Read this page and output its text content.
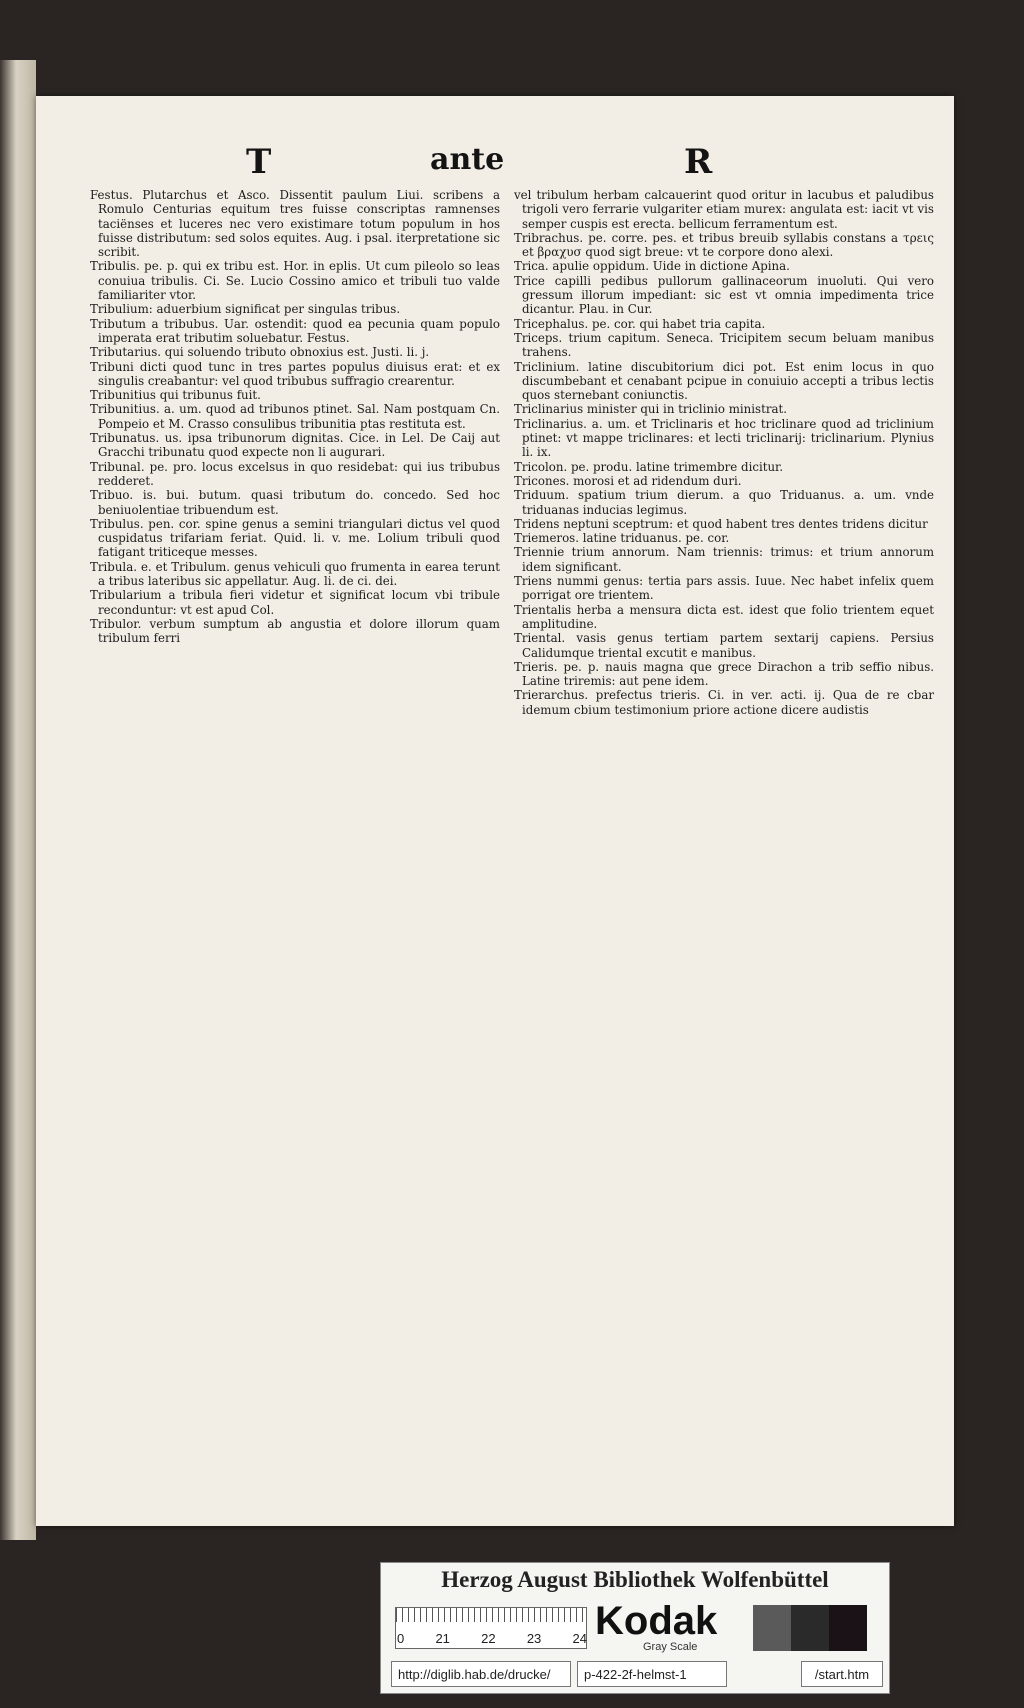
T	ante	R

Festus. Plutarchus et Asco. Dissentit paulum Liui. scribens a Romulo Centurias equitum tres fuisse conscriptas ramnenses taciënses et luceres nec vero existimare totum populum in hos fuisse distributum: sed solos equites. Aug. i psal. iterpretatione sic scribit.

Tribulis. pe. p. qui ex tribu est. Hor. in eplis. Ut cum pileolo so leas conuiua tribulis. Ci. Se. Lucio Cossino amico et tribuli tuo valde familiariter vtor.

Tribulium: aduerbium significat per singulas tribus.

Tributum a tribubus. Uar. ostendit: quod ea pecunia quam populo imperata erat tributim soluebatur. Festus.

Tributarius. qui soluendo tributo obnoxius est. Justi. li. j.

Tribuni dicti quod tunc in tres partes populus diuisus erat: et ex singulis creabantur: vel quod tribubus suffragio crearentur.

Tribunitius qui tribunus fuit.

Tribunitius. a. um. quod ad tribunos ptinet. Sal. Nam postquam Cn. Pompeio et M. Crasso consulibus tribunitia ptas restituta est.

Tribunatus. us. ipsa tribunorum dignitas. Cice. in Lel. De Caij aut Gracchi tribunatu quod expecte non li augurari.

Tribunal. pe. pro. locus excelsus in quo residebat: qui ius tribubus redderet.

Tribuo. is. bui. butum. quasi tributum do. concedo. Sed hoc beniuolentiae tribuendum est.

Tribulus. pen. cor. spine genus a semini triangulari dictus vel quod cuspidatus trifariam feriat. Quid. li. v. me. Lolium tribuli quod fatigant triticeque messes.

Tribula. e. et Tribulum. genus vehiculi quo frumenta in earea terunt a tribus lateribus sic appellatur. Aug. li. de ci. dei.

Tribularium a tribula fieri videtur et significat locum vbi tribule reconduntur: vt est apud Col.

Tribulor. verbum sumptum ab angustia et dolore illorum quam tribulum ferri

vel tribulum herbam calcauerint quod oritur in lacubus et paludibus trigoli vero ferrarie vulgariter etiam murex: angulata est: iacit vt vis semper cuspis est erecta. bellicum ferramentum est.

Tribrachus. pe. corre. pes. et tribus breuib syllabis constans a τρεις et βραχυσ quod sigt breue: vt te corpore dono alexi.

Trica. apulie oppidum. Uide in dictione Apina.

Trice capilli pedibus pullorum gallinaceorum inuoluti. Qui vero gressum illorum impediant: sic est vt omnia impedimenta trice dicantur. Plau. in Cur.

Tricephalus. pe. cor. qui habet tria capita.

Triceps. trium capitum. Seneca. Tricipitem secum beluam manibus trahens.

Triclinium. latine discubitorium dici pot. Est enim locus in quo discumbebant et cenabant pcipue in conuiuio accepti a tribus lectis quos sternebant coniunctis.

Triclinarius minister qui in triclinio ministrat.

Triclinarius. a. um. et Triclinaris et hoc triclinare quod ad triclinium ptinet: vt mappe triclinares: et lecti triclinarij: triclinarium. Plynius li. ix.

Tricolon. pe. produ. latine trimembre dicitur.

Tricones. morosi et ad ridendum duri.

Triduum. spatium trium dierum. a quo Triduanus. a. um. vnde triduanas inducias legimus.

Tridens neptuni sceptrum: et quod habent tres dentes tridens dicitur

Triemeros. latine triduanus. pe. cor.

Triennie trium annorum. Nam triennis: trimus: et trium annorum idem significant.

Triens nummi genus: tertia pars assis. Iuue. Nec habet infelix quem porrigat ore trientem.

Trientalis herba a mensura dicta est. idest que folio trientem equet amplitudine.

Triental. vasis genus tertiam partem sextarij capiens. Persius Calidumque triental excutit e manibus.

Trieris. pe. p. nauis magna que grece Dirachon a trib seffio nibus. Latine triremis: aut pene idem.

Trierarchus. prefectus trieris. Ci. in ver. acti. ij. Qua de re cbar idemum cbium testimonium priore actione dicere audistis

Herzog August Bibliothek Wolfenbüttel
0 21 22 23 24 Kodak
Gray Scale
http://diglib.hab.de/drucke/	p-422-2f-helmst-1	/start.htm
